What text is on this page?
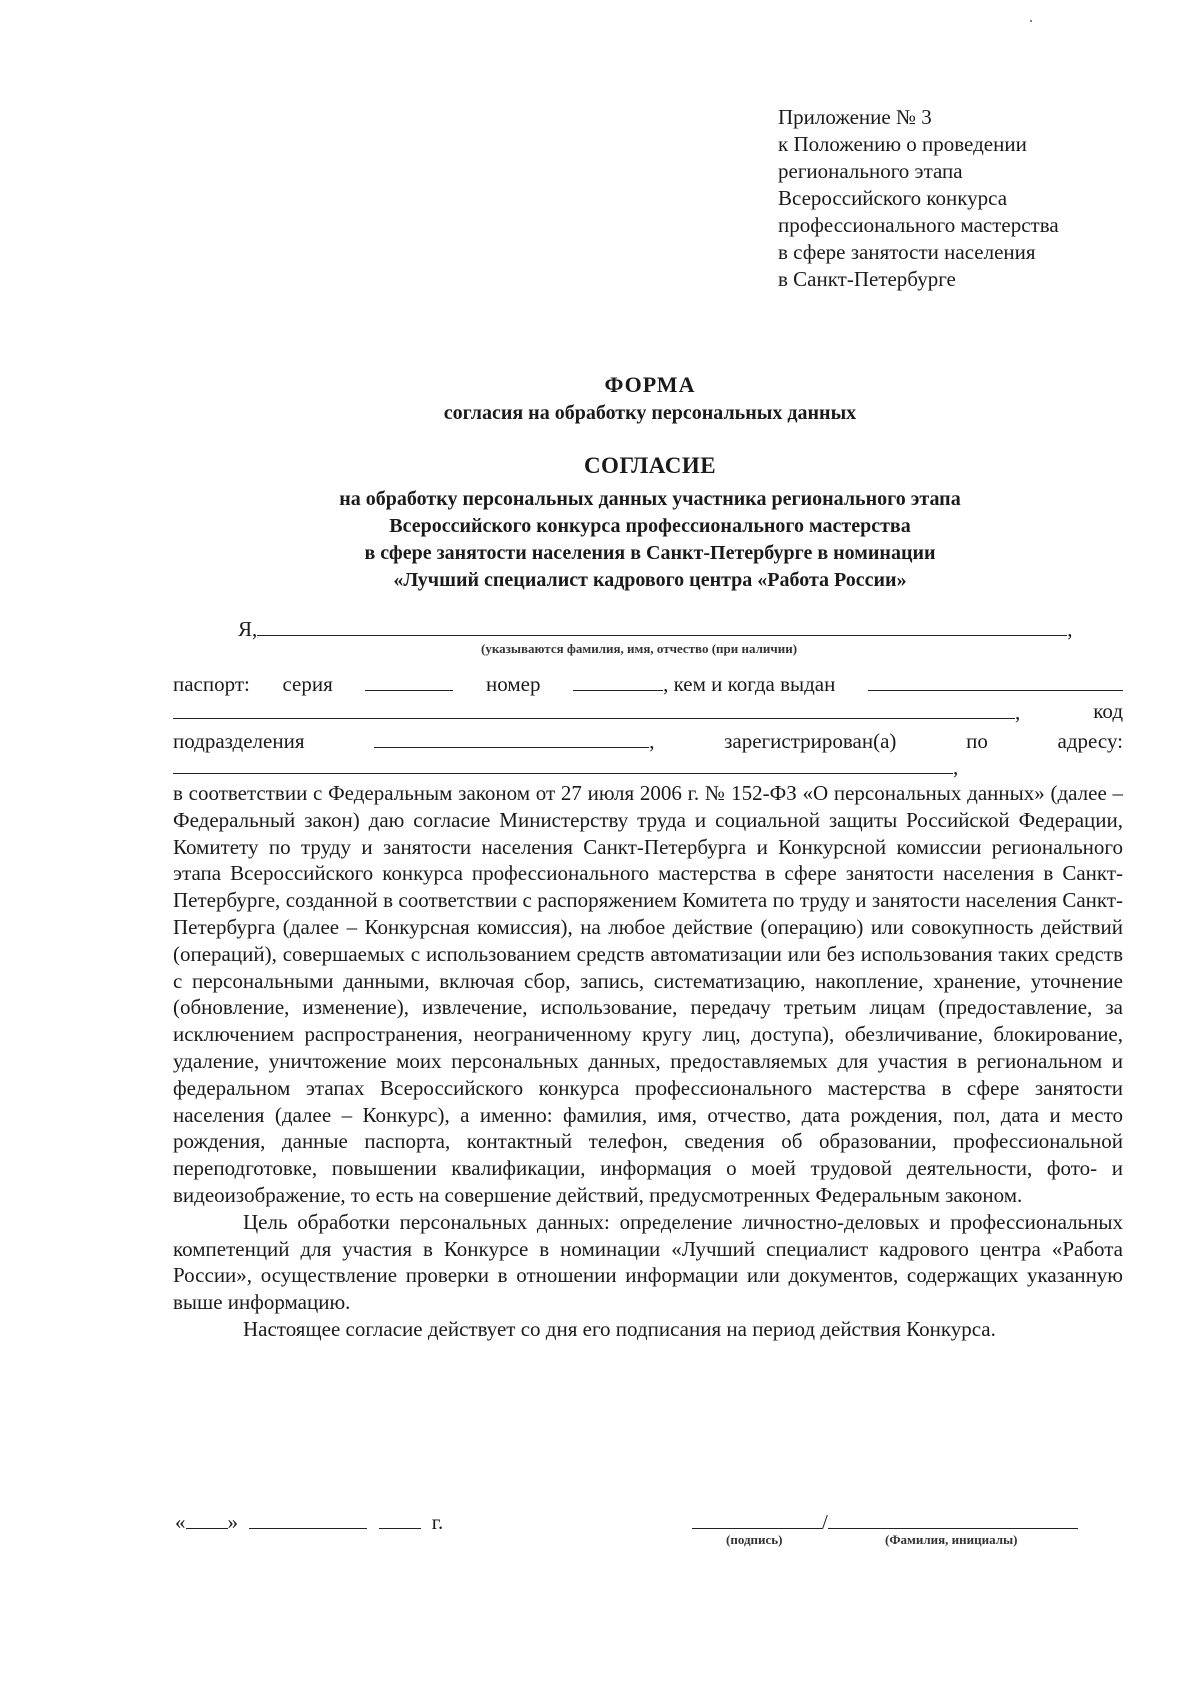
Приложение № 3
к Положению о проведении
регионального этапа
Всероссийского конкурса
профессионального мастерства
в сфере занятости населения
в Санкт-Петербурге
ФОРМА
согласия на обработку персональных данных
СОГЛАСИЕ
на обработку персональных данных участника регионального этапа
Всероссийского конкурса профессионального мастерства
в сфере занятости населения в Санкт-Петербурге в номинации
«Лучший специалист кадрового центра «Работа России»
Я,	,
(указываются фамилия, имя, отчество (при наличии)
паспорт: серия	номер	, кем и когда выдан
,	код
подразделения	,	зарегистрирован(а)	по	адресу:
,

в соответствии с Федеральным законом от 27 июля 2006 г. № 152-ФЗ «О персональных данных» (далее – Федеральный закон) даю согласие Министерству труда и социальной защиты Российской Федерации, Комитету по труду и занятости населения Санкт-Петербурга и Конкурсной комиссии регионального этапа Всероссийского конкурса профессионального мастерства в сфере занятости населения в Санкт-Петербурге, созданной в соответствии с распоряжением Комитета по труду и занятости населения Санкт-Петербурга (далее – Конкурсная комиссия), на любое действие (операцию) или совокупность действий (операций), совершаемых с использованием средств автоматизации или без использования таких средств с персональными данными, включая сбор, запись, систематизацию, накопление, хранение, уточнение (обновление, изменение), извлечение, использование, передачу третьим лицам (предоставление, за исключением распространения, неограниченному кругу лиц, доступа), обезличивание, блокирование, удаление, уничтожение моих персональных данных, предоставляемых для участия в региональном и федеральном этапах Всероссийского конкурса профессионального мастерства в сфере занятости населения (далее – Конкурс), а именно: фамилия, имя, отчество, дата рождения, пол, дата и место рождения, данные паспорта, контактный телефон, сведения об образовании, профессиональной переподготовке, повышении квалификации, информация о моей трудовой деятельности, фото- и видеоизображение, то есть на совершение действий, предусмотренных Федеральным законом.

Цель обработки персональных данных: определение личностно-деловых и профессиональных компетенций для участия в Конкурсе в номинации «Лучший специалист кадрового центра «Работа России», осуществление проверки в отношении информации или документов, содержащих указанную выше информацию.

Настоящее согласие действует со дня его подписания на период действия Конкурса.

« »	г.	/
(подпись)	(Фамилия, инициалы)
